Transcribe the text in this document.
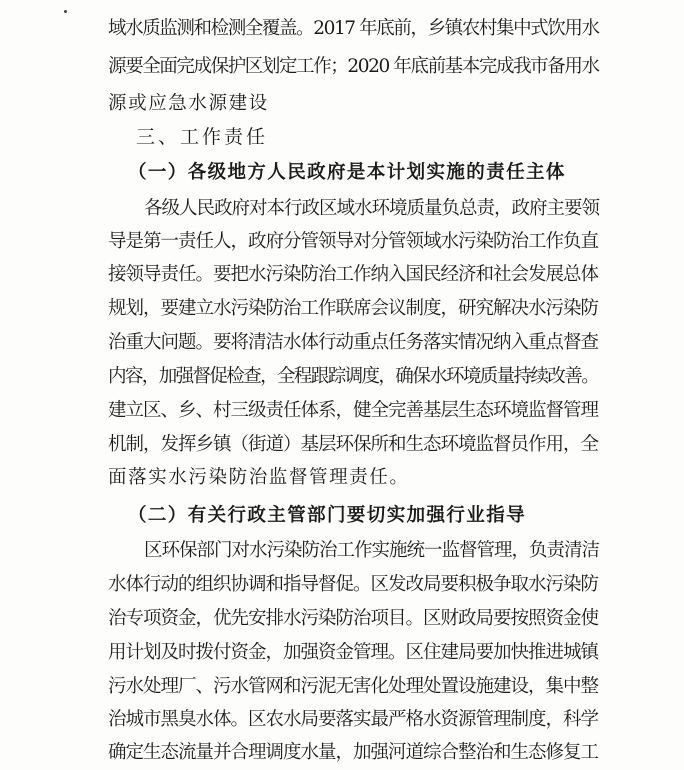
域水质监测和检测全覆盖。2017 年底前，乡镇农村集中式饮用水
源要全面完成保护区划定工作；2020 年底前基本完成我市备用水
源或应急水源建设
三、工作责任
（一）各级地方人民政府是本计划实施的责任主体
各级人民政府对本行政区域水环境质量负总责，政府主要领
导是第一责任人，政府分管领导对分管领域水污染防治工作负直
接领导责任。要把水污染防治工作纳入国民经济和社会发展总体
规划，要建立水污染防治工作联席会议制度，研究解决水污染防
治重大问题。要将清洁水体行动重点任务落实情况纳入重点督查
内容，加强督促检查，全程跟踪调度，确保水环境质量持续改善。
建立区、乡、村三级责任体系，健全完善基层生态环境监督管理
机制，发挥乡镇（街道）基层环保所和生态环境监督员作用，全
面落实水污染防治监督管理责任。
（二）有关行政主管部门要切实加强行业指导
区环保部门对水污染防治工作实施统一监督管理，负责清洁
水体行动的组织协调和指导督促。区发改局要积极争取水污染防
治专项资金，优先安排水污染防治项目。区财政局要按照资金使
用计划及时拨付资金，加强资金管理。区住建局要加快推进城镇
污水处理厂、污水管网和污泥无害化处理处置设施建设，集中整
治城市黑臭水体。区农水局要落实最严格水资源管理制度，科学
确定生态流量并合理调度水量，加强河道综合整治和生态修复工
